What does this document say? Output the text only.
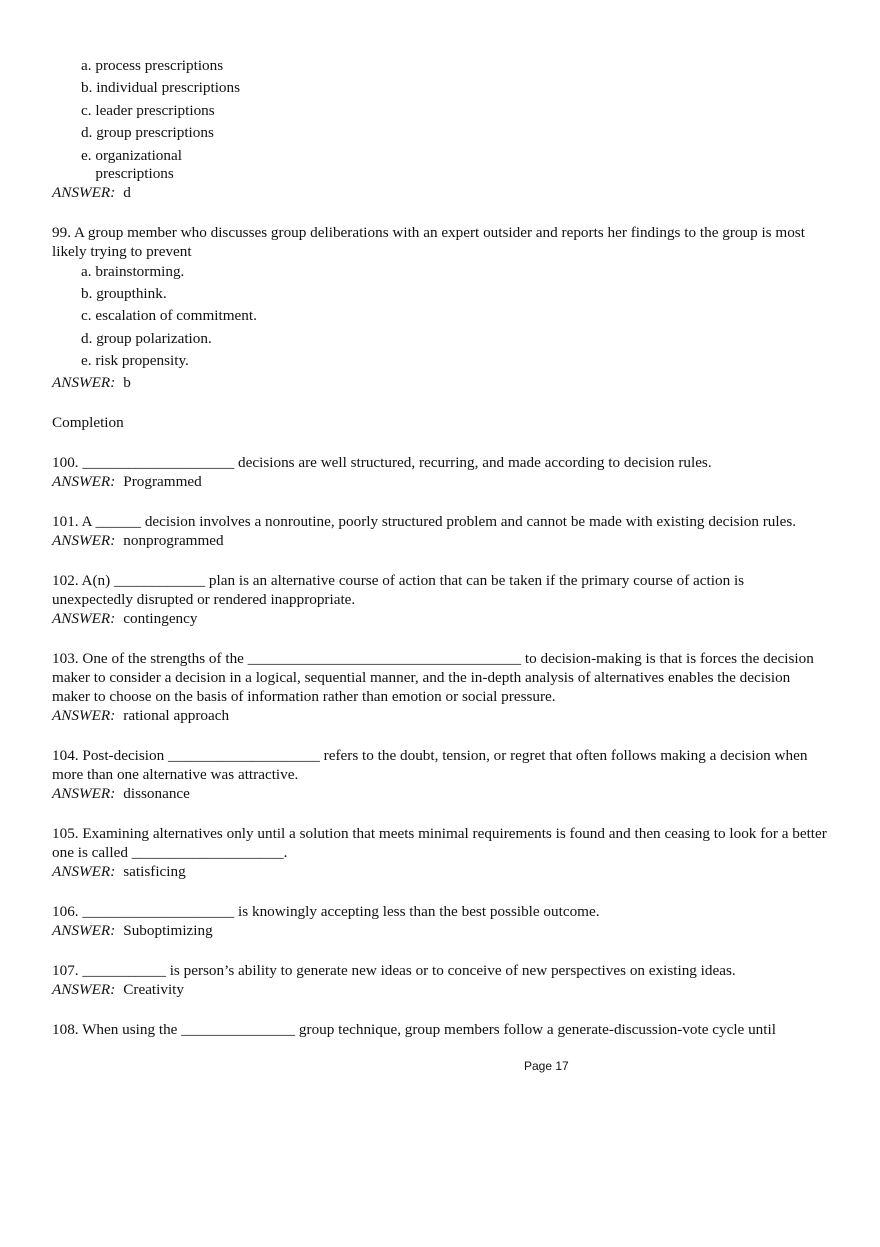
a. process prescriptions
b. individual prescriptions
c. leader prescriptions
d. group prescriptions
e. organizational prescriptions
ANSWER: d
99. A group member who discusses group deliberations with an expert outsider and reports her findings to the group is most likely trying to prevent
a. brainstorming.
b. groupthink.
c. escalation of commitment.
d. group polarization.
e. risk propensity.
ANSWER: b
Completion
100. ____________________ decisions are well structured, recurring, and made according to decision rules.
ANSWER: Programmed
101. A ______ decision involves a nonroutine, poorly structured problem and cannot be made with existing decision rules.
ANSWER: nonprogrammed
102. A(n) ____________ plan is an alternative course of action that can be taken if the primary course of action is unexpectedly disrupted or rendered inappropriate.
ANSWER: contingency
103. One of the strengths of the ____________________________________ to decision-making is that is forces the decision maker to consider a decision in a logical, sequential manner, and the in-depth analysis of alternatives enables the decision maker to choose on the basis of information rather than emotion or social pressure.
ANSWER: rational approach
104. Post-decision ____________________ refers to the doubt, tension, or regret that often follows making a decision when more than one alternative was attractive.
ANSWER: dissonance
105. Examining alternatives only until a solution that meets minimal requirements is found and then ceasing to look for a better one is called ____________________.
ANSWER: satisficing
106. ____________________ is knowingly accepting less than the best possible outcome.
ANSWER: Suboptimizing
107. ___________ is person’s ability to generate new ideas or to conceive of new perspectives on existing ideas.
ANSWER: Creativity
108. When using the _______________ group technique, group members follow a generate-discussion-vote cycle until
Page 17
